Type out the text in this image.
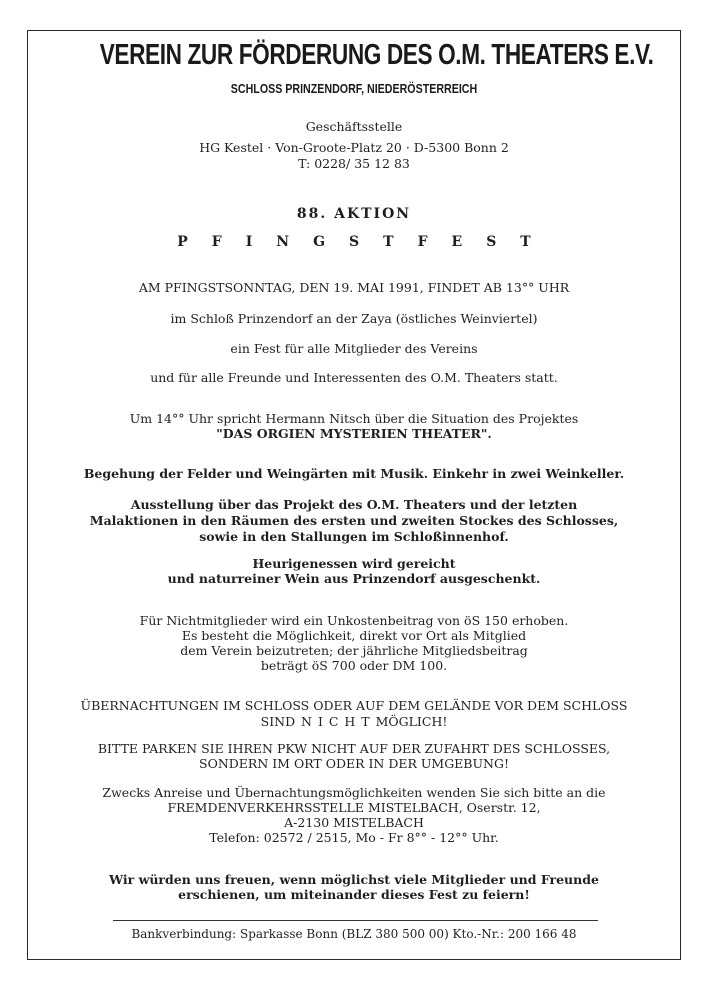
VEREIN ZUR FÖRDERUNG DES O.M. THEATERS E.V.
SCHLOSS PRINZENDORF, NIEDERÖSTERREICH
Geschäftsstelle
HG Kestel · Von-Groote-Platz 20 · D-5300 Bonn 2
T: 0228/ 35 12 83
88. AKTION
PFINGSTFEST
AM PFINGSTSONNTAG, DEN 19. MAI 1991, FINDET AB 13°° UHR
im Schloß Prinzendorf an der Zaya (östliches Weinviertel)
ein Fest für alle Mitglieder des Vereins
und für alle Freunde und Interessenten des O.M. Theaters statt.
Um 14°° Uhr spricht Hermann Nitsch über die Situation des Projektes
"DAS ORGIEN MYSTERIEN THEATER".
Begehung der Felder und Weingärten mit Musik. Einkehr in zwei Weinkeller.
Ausstellung über das Projekt des O.M. Theaters und der letzten
Malaktionen in den Räumen des ersten und zweiten Stockes des Schlosses,
sowie in den Stallungen im Schloßinnenhof.
Heurigenessen wird gereicht
und naturreiner Wein aus Prinzendorf ausgeschenkt.
Für Nichtmitglieder wird ein Unkostenbeitrag von öS 150 erhoben.
Es besteht die Möglichkeit, direkt vor Ort als Mitglied
dem Verein beizutreten; der jährliche Mitgliedsbeitrag
beträgt öS 700 oder DM 100.
ÜBERNACHTUNGEN IM SCHLOSS ODER AUF DEM GELÄNDE VOR DEM SCHLOSS
SIND N I C H T MÖGLICH!
BITTE PARKEN SIE IHREN PKW NICHT AUF DER ZUFAHRT DES SCHLOSSES,
SONDERN IM ORT ODER IN DER UMGEBUNG!
Zwecks Anreise und Übernachtungsmöglichkeiten wenden Sie sich bitte an die
FREMDENVERKEHRSSTELLE MISTELBACH, Oserstr. 12,
A-2130 MISTELBACH
Telefon: 02572 / 2515, Mo - Fr 8°° - 12°° Uhr.
Wir würden uns freuen, wenn möglichst viele Mitglieder und Freunde
erschienen, um miteinander dieses Fest zu feiern!
Bankverbindung: Sparkasse Bonn (BLZ 380 500 00) Kto.-Nr.: 200 166 48
